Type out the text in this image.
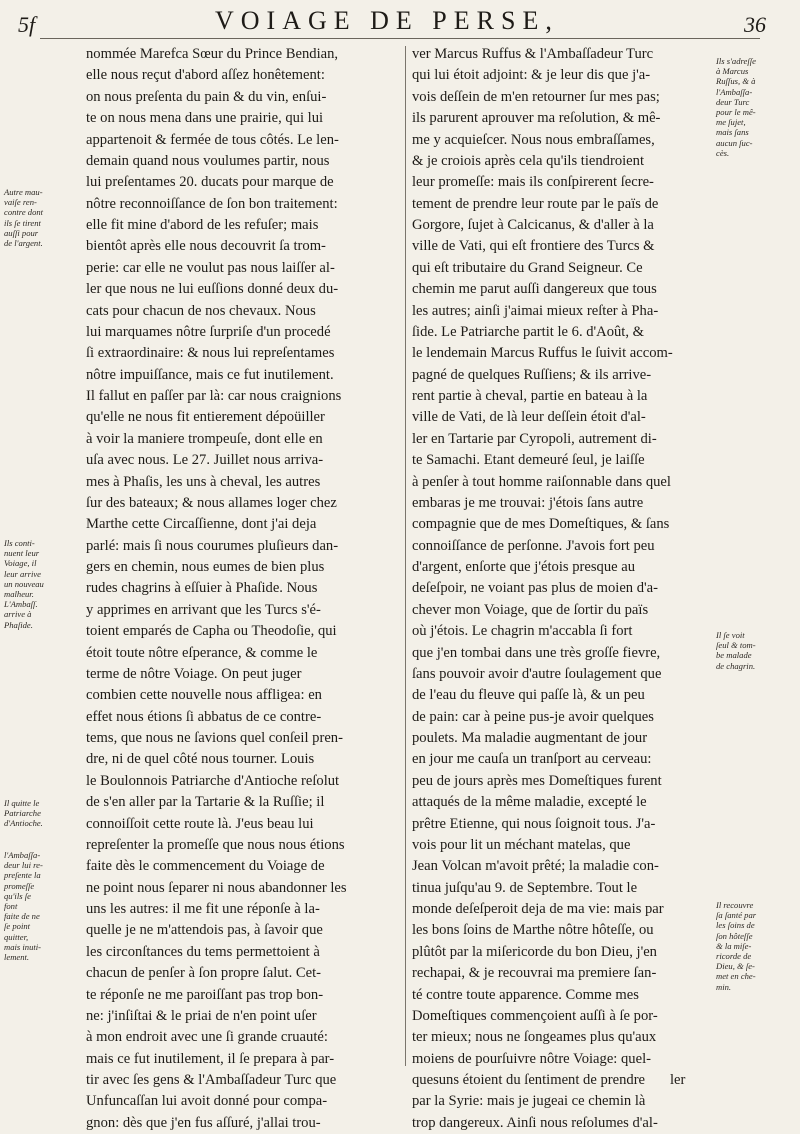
5f	VOIAGE DE PERSE,	36
nommée Marefca Sœur du Prince Bendian,
elle nous reçut d'abord aſſez honêtement:
on nous preſenta du pain & du vin, enſui-
te on nous mena dans une prairie, qui lui
appartenoit & fermée de tous côtés. Le len-
demain quand nous voulumes partir, nous
lui preſentames 20. ducats pour marque de
nôtre reconnoiſſance de ſon bon traitement:
elle fit mine d'abord de les refuſer; mais
bientôt après elle nous decouvrit ſa trom-
perie: car elle ne voulut pas nous laiſſer al-
ler que nous ne lui euſſions donné deux du-
cats pour chacun de nos chevaux. Nous
lui marquames nôtre ſurpriſe d'un procedé
ſi extraordinaire: & nous lui repreſentames
nôtre impuiſſance, mais ce fut inutilement.
Il fallut en paſſer par là: car nous craignions
qu'elle ne nous fit entierement dépoüiller
à voir la maniere trompeuſe, dont elle en
uſa avec nous. Le 27. Juillet nous arriva-
mes à Phaſis, les uns à cheval, les autres
ſur des bateaux; & nous allames loger chez
Marthe cette Circaſſienne, dont j'ai deja
parlé: mais ſi nous courumes pluſieurs dan-
gers en chemin, nous eumes de bien plus
rudes chagrins à eſſuier à Phaſide. Nous
y apprimes en arrivant que les Turcs s'é-
toient emparés de Capha ou Theodoſie, qui
étoit toute nôtre eſperance, & comme le
terme de nôtre Voiage. On peut juger
combien cette nouvelle nous affligea: en
effet nous étions ſi abbatus de ce contre-
tems, que nous ne ſavions quel conſeil pren-
dre, ni de quel côté nous tourner. Louis
le Boulonnois Patriarche d'Antioche reſolut
de s'en aller par la Tartarie & la Ruſſie; il
connoiſſoit cette route là. J'eus beau lui
repreſenter la promeſſe que nous nous étions
faite dès le commencement du Voiage de
ne point nous ſeparer ni nous abandonner les
uns les autres: il me fit une réponſe à la-
quelle je ne m'attendois pas, à ſavoir que
les circonſtances du tems permettoient à
chacun de penſer à ſon propre ſalut. Cet-
te réponſe ne me paroiſſant pas trop bon-
ne: j'inſiſtai & le priai de n'en point uſer
à mon endroit avec une ſi grande cruauté:
mais ce fut inutilement, il ſe prepara à par-
tir avec ſes gens & l'Ambaſſadeur Turc que
Unfuncaſſan lui avoit donné pour compa-
gnon: dès que j'en fus aſſuré, j'allai trou-
ver Marcus Ruffus & l'Ambaſſadeur Turc
qui lui étoit adjoint: & je leur dis que j'a-
vois deſſein de m'en retourner ſur mes pas;
ils parurent aprouver ma reſolution, & mê-
me y acquieſcer. Nous nous embraſſames,
& je croiois après cela qu'ils tiendroient
leur promeſſe: mais ils conſpirerent ſecre-
tement de prendre leur route par le païs de
Gorgore, ſujet à Calcicanus, & d'aller à la
ville de Vati, qui eſt frontiere des Turcs &
qui eſt tributaire du Grand Seigneur. Ce
chemin me parut auſſi dangereux que tous
les autres; ainſi j'aimai mieux reſter à Pha-
ſide. Le Patriarche partit le 6. d'Août, &
le lendemain Marcus Ruffus le ſuivit accom-
pagné de quelques Ruſſiens; & ils arrive-
rent partie à cheval, partie en bateau à la
ville de Vati, de là leur deſſein étoit d'al-
ler en Tartarie par Cyropoli, autrement di-
te Samachi. Etant demeuré ſeul, je laiſſe
à penſer à tout homme raiſonnable dans quel
embaras je me trouvai: j'étois ſans autre
compagnie que de mes Domeſtiques, & ſans
connoiſſance de perſonne. J'avois fort peu
d'argent, enſorte que j'étois presque au
deſeſpoir, ne voiant pas plus de moien d'a-
chever mon Voiage, que de ſortir du païs
où j'étois. Le chagrin m'accabla ſi fort
que j'en tombai dans une très groſſe fievre,
ſans pouvoir avoir d'autre ſoulagement que
de l'eau du fleuve qui paſſe là, & un peu
de pain: car à peine pus-je avoir quelques
poulets. Ma maladie augmentant de jour
en jour me cauſa un tranſport au cerveau:
peu de jours après mes Domeſtiques furent
attaqués de la même maladie, excepté le
prêtre Etienne, qui nous ſoignoit tous. J'a-
vois pour lit un méchant matelas, que
Jean Volcan m'avoit prêté; la maladie con-
tinua juſqu'au 9. de Septembre. Tout le
monde deſeſperoit deja de ma vie: mais par
les bons ſoins de Marthe nôtre hôteſſe, ou
plûtôt par la miſericorde du bon Dieu, j'en
rechapai, & je recouvrai ma premiere ſan-
té contre toute apparence. Comme mes
Domeſtiques commençoient auſſi à ſe por-
ter mieux; nous ne ſongeames plus qu'aux
moiens de pourſuivre nôtre Voiage: quel-
quesuns étoient du ſentiment de prendre
par la Syrie: mais je jugeai ce chemin là
trop dangereux. Ainſi nous reſolumes d'al-
Autre mau-
vaiſe ren-
contre dont
ils ſe tirent
auſſi pour
de l'argent.
Ils conti-
nuent leur
Voiage, il
leur arrive
un nouveau
malheur.
L'Ambaſſ.
arrive à
Phaſide.
Il quitte le
Patriarche
d'Antioche.
l'Ambaſſa-
deur lui re-
preſente la
promeſſe
qu'ils ſe
font
faite de ne
ſe point
quitter,
mais inuti-
lement.
Ils s'adreſſe
à Marcus
Ruſſus, & à
l'Ambaſſa-
deur Turc
pour le mê-
me ſujet,
mais ſans
aucun ſuc-
cès.
Il ſe voit
ſeul & tom-
be malade
de chagrin.
Il recouvre
ſa ſanté par
les ſoins de
ſon hôteſſe
& la miſe-
ricorde de
Dieu, & ſe-
met en che-
min.
ler
